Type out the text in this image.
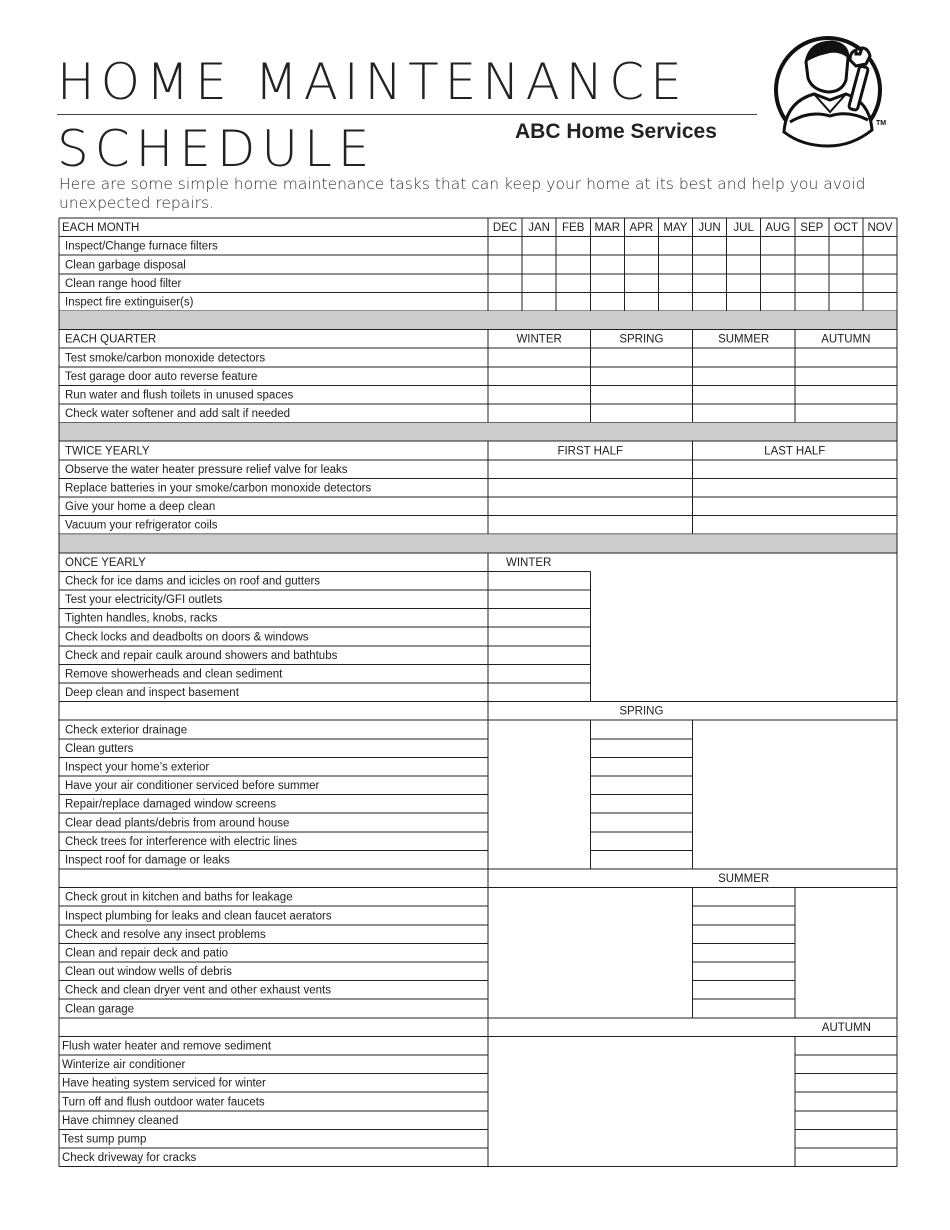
HOME MAINTENANCE
SCHEDULE	ABC Home Services
Here are some simple home maintenance tasks that can keep your home at its best and help you avoid unexpected repairs.
TM
EACH MONTH	DEC JAN FEB MAR APR MAY JUN JUL AUG SEP OCT NOV
Inspect/Change furnace filters
Clean garbage disposal
Clean range hood filter
Inspect fire extinguiser(s)
EACH QUARTER	WINTER	SPRING	SUMMER	AUTUMN
Test smoke/carbon monoxide detectors
Test garage door auto reverse feature
Run water and flush toilets in unused spaces
Check water softener and add salt if needed
TWICE YEARLY	FIRST HALF	LAST HALF
Observe the water heater pressure relief valve for leaks
Replace batteries in your smoke/carbon monoxide detectors
Give your home a deep clean
Vacuum your refrigerator coils
ONCE YEARLY	WINTER
Check for ice dams and icicles on roof and gutters
Test your electricity/GFI outlets
Tighten handles, knobs, racks
Check locks and deadbolts on doors & windows
Check and repair caulk around showers and bathtubs
Remove showerheads and clean sediment
Deep clean and inspect basement
SPRING
Check exterior drainage
Clean gutters
Inspect your home’s exterior
Have your air conditioner serviced before summer
Repair/replace damaged window screens
Clear dead plants/debris from around house
Check trees for interference with electric lines
Inspect roof for damage or leaks
SUMMER
Check grout in kitchen and baths for leakage
Inspect plumbing for leaks and clean faucet aerators
Check and resolve any insect problems
Clean and repair deck and patio
Clean out window wells of debris
Check and clean dryer vent and other exhaust vents
Clean garage
AUTUMN
Flush water heater and remove sediment
Winterize air conditioner
Have heating system serviced for winter
Turn off and flush outdoor water faucets
Have chimney cleaned
Test sump pump
Check driveway for cracks
